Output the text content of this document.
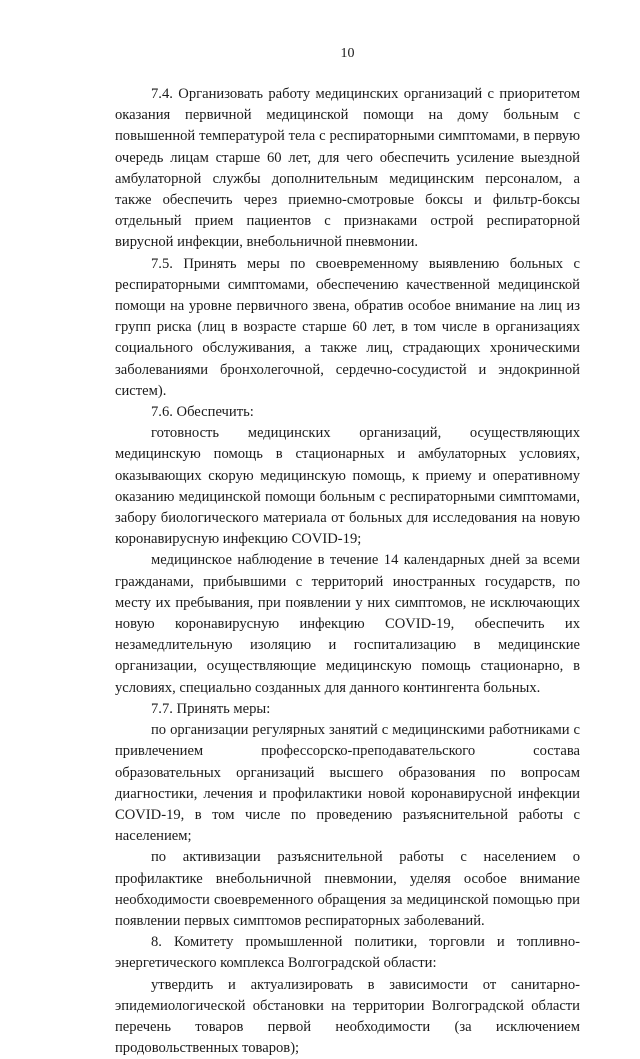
10

7.4. Организовать работу медицинских организаций с приоритетом оказания первичной медицинской помощи на дому больным с повышенной температурой тела с респираторными симптомами, в первую очередь лицам старше 60 лет, для чего обеспечить усиление выездной амбулаторной службы дополнительным медицинским персоналом, а также обеспечить через приемно-смотровые боксы и фильтр-боксы отдельный прием пациентов с признаками острой респираторной вирусной инфекции, внебольничной пневмонии.

7.5. Принять меры по своевременному выявлению больных с респираторными симптомами, обеспечению качественной медицинской помощи на уровне первичного звена, обратив особое внимание на лиц из групп риска (лиц в возрасте старше 60 лет, в том числе в организациях социального обслуживания, а также лиц, страдающих хроническими заболеваниями бронхолегочной, сердечно-сосудистой и эндокринной систем).

7.6. Обеспечить:

готовность медицинских организаций, осуществляющих медицинскую помощь в стационарных и амбулаторных условиях, оказывающих скорую медицинскую помощь, к приему и оперативному оказанию медицинской помощи больным с респираторными симптомами, забору биологического материала от больных для исследования на новую коронавирусную инфекцию COVID-19;

медицинское наблюдение в течение 14 календарных дней за всеми гражданами, прибывшими с территорий иностранных государств, по месту их пребывания, при появлении у них симптомов, не исключающих новую коронавирусную инфекцию COVID-19, обеспечить их незамедлительную изоляцию и госпитализацию в медицинские организации, осуществляющие медицинскую помощь стационарно, в условиях, специально созданных для данного контингента больных.

7.7. Принять меры:

по организации регулярных занятий с медицинскими работниками с привлечением профессорско-преподавательского состава образовательных организаций высшего образования по вопросам диагностики, лечения и профилактики новой коронавирусной инфекции COVID-19, в том числе по проведению разъяснительной работы с населением;

по активизации разъяснительной работы с населением о профилактике внебольничной пневмонии, уделяя особое внимание необходимости своевременного обращения за медицинской помощью при появлении первых симптомов респираторных заболеваний.

8. Комитету промышленной политики, торговли и топливно-энергетического комплекса Волгоградской области:

утвердить и актуализировать в зависимости от санитарно-эпидемиологической обстановки на территории Волгоградской области перечень товаров первой необходимости (за исключением продовольственных товаров);
